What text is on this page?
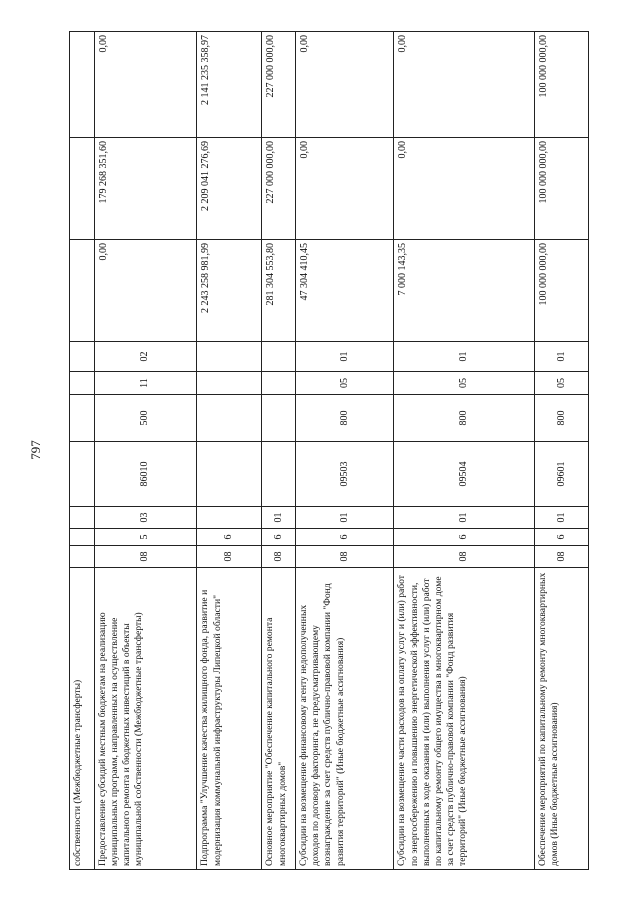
797
собственности (Межбюджетные трансферты)										
Предоставление субсидий местным бюджетам на реализацию муниципальных программ, направленных на осуществление капитального ремонта и бюджетных инвестиций в объекты муниципальной собственности (Межбюджетные трансферты)	08	5	03	86010	500	11	02	0,00	179 268 351,60	0,00
Подпрограмма "Улучшение качества жилищного фонда, развитие и модернизация коммунальной инфраструктуры Липецкой области"	08	6						2 243 258 981,99	2 209 041 276,69	2 141 235 358,97
Основное мероприятие "Обеспечение капитального ремонта многоквартирных домов"	08	6	01					281 304 553,80	227 000 000,00	227 000 000,00
Субсидии на возмещение финансовому агенту недополученных доходов по договору факторинга, не предусматривающему вознаграждение за счет средств публично-правовой компании "Фонд развития территорий" (Иные бюджетные ассигнования)	08	6	01	09503	800	05	01	47 304 410,45	0,00	0,00
Субсидии на возмещение части расходов на оплату услуг и (или) работ по энергосбережению и повышению энергетической эффективности, выполненных в ходе оказания и (или) выполнения услуг и (или) работ по капитальному ремонту общего имущества в многоквартирном доме за счет средств публично-правовой компании "Фонд развития территорий" (Иные бюджетные ассигнования)	08	6	01	09504	800	05	01	7 000 143,35	0,00	0,00
Обеспечение мероприятий по капитальному ремонту многоквартирных домов (Иные бюджетные ассигнования)	08	6	01	09601	800	05	01	100 000 000,00	100 000 000,00	100 000 000,00
